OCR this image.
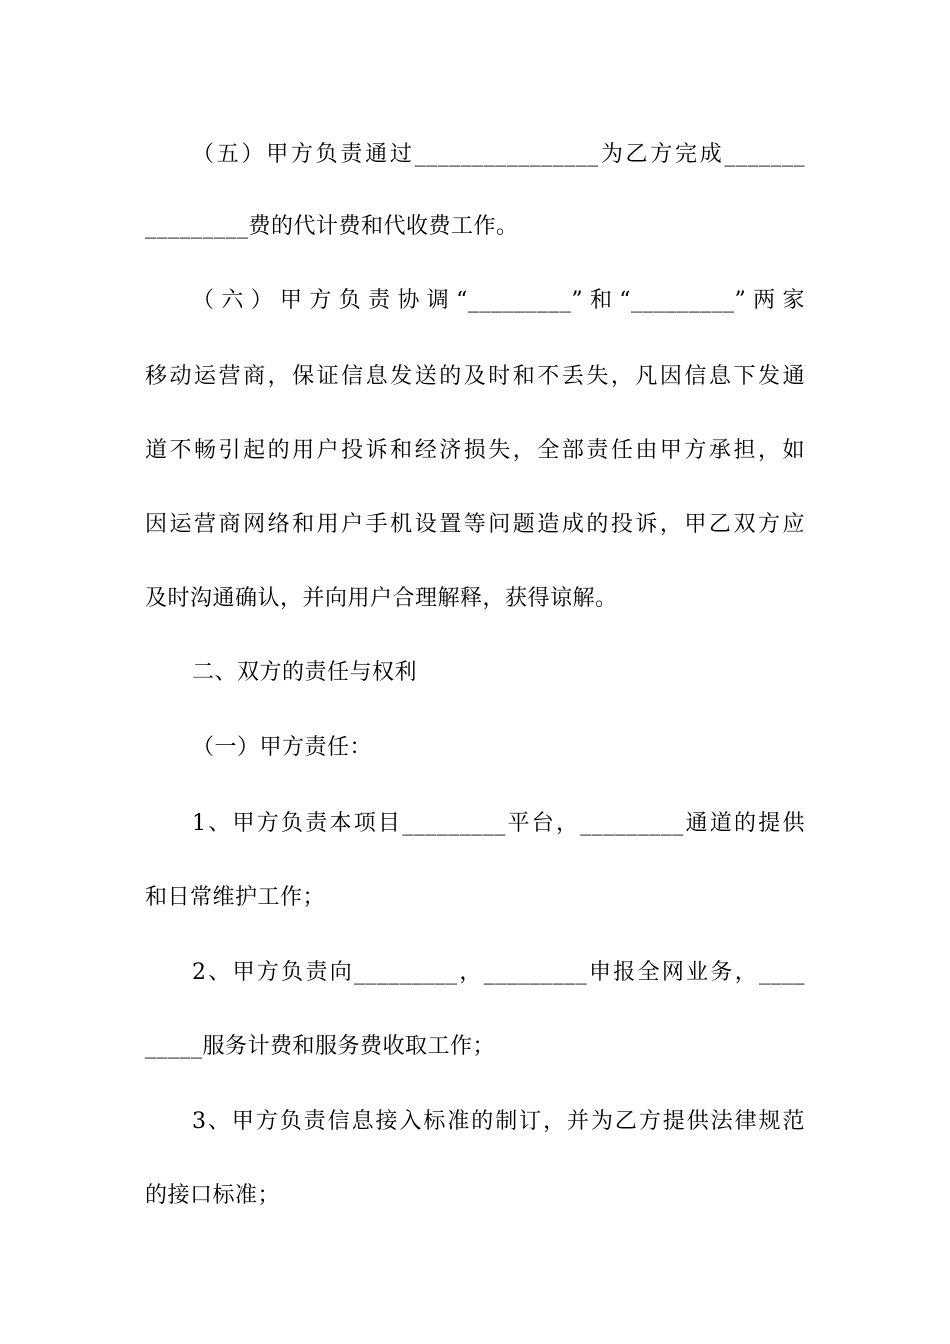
（五）甲方负责通过________________为乙方完成_______
_________费的代计费和代收费工作。
（六）甲方负责协调“_________”和“_________”两家
移动运营商，保证信息发送的及时和不丢失，凡因信息下发通
道不畅引起的用户投诉和经济损失，全部责任由甲方承担，如
因运营商网络和用户手机设置等问题造成的投诉，甲乙双方应
及时沟通确认，并向用户合理解释，获得谅解。
二、双方的责任与权利
（一）甲方责任：
1、甲方负责本项目_________平台，_________通道的提供
和日常维护工作；
2、甲方负责向_________，_________申报全网业务，____
_____服务计费和服务费收取工作；
3、甲方负责信息接入标准的制订，并为乙方提供法律规范
的接口标准；
